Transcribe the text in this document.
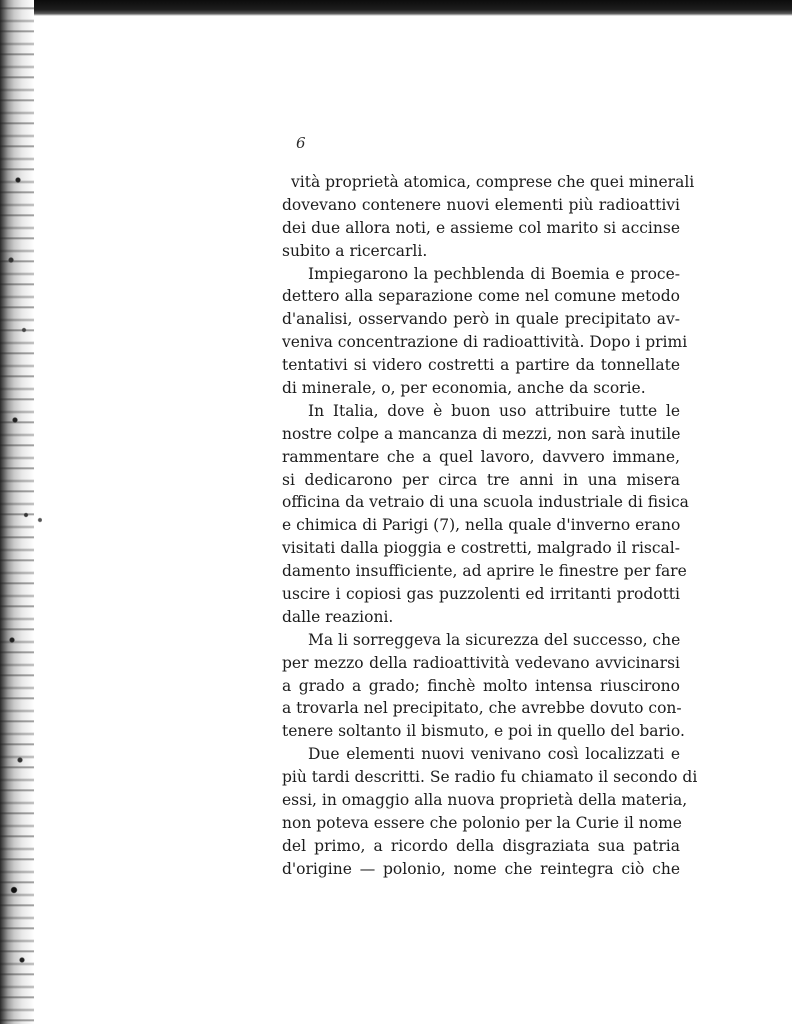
6

vità proprietà atomica, comprese che quei minerali
dovevano contenere nuovi elementi più radioattivi
dei due allora noti, e assieme col marito si accinse
subito a ricercarli.
Impiegarono la pechblenda di Boemia e proce-
dettero alla separazione come nel comune metodo
d'analisi, osservando però in quale precipitato av-
veniva concentrazione di radioattività. Dopo i primi
tentativi si videro costretti a partire da tonnellate
di minerale, o, per economia, anche da scorie.
In Italia, dove è buon uso attribuire tutte le
nostre colpe a mancanza di mezzi, non sarà inutile
rammentare che a quel lavoro, davvero immane,
si dedicarono per circa tre anni in una misera
officina da vetraio di una scuola industriale di fisica
e chimica di Parigi (7), nella quale d'inverno erano
visitati dalla pioggia e costretti, malgrado il riscal-
damento insufficiente, ad aprire le finestre per fare
uscire i copiosi gas puzzolenti ed irritanti prodotti
dalle reazioni.
Ma li sorreggeva la sicurezza del successo, che
per mezzo della radioattività vedevano avvicinarsi
a grado a grado; finchè molto intensa riuscirono
a trovarla nel precipitato, che avrebbe dovuto con-
tenere soltanto il bismuto, e poi in quello del bario.
Due elementi nuovi venivano così localizzati e
più tardi descritti. Se radio fu chiamato il secondo di
essi, in omaggio alla nuova proprietà della materia,
non poteva essere che polonio per la Curie il nome
del primo, a ricordo della disgraziata sua patria
d'origine — polonio, nome che reintegra ciò che
